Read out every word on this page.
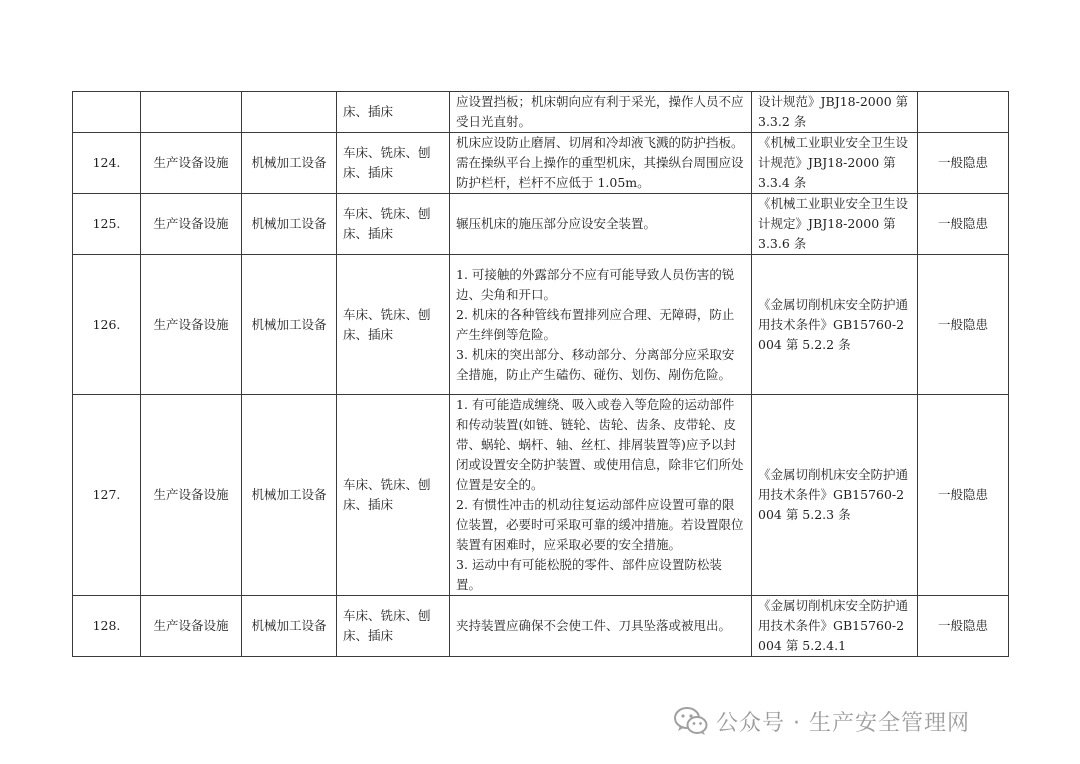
			床、插床	应设置挡板；机床朝向应有利于采光，操作人员不应受日光直射。	设计规范》JBJ18-2000 第 3.3.2 条	
124.	生产设备设施	机械加工设备	车床、铣床、刨床、插床	机床应设防止磨屑、切屑和冷却液飞溅的防护挡板。需在操纵平台上操作的重型机床，其操纵台周围应设防护栏杆，栏杆不应低于 1.05m。	《机械工业职业安全卫生设计规范》JBJ18-2000 第 3.3.4 条	一般隐患
125.	生产设备设施	机械加工设备	车床、铣床、刨床、插床	辗压机床的施压部分应设安全装置。	《机械工业职业安全卫生设计规定》JBJ18-2000 第 3.3.6 条	一般隐患
126.	生产设备设施	机械加工设备	车床、铣床、刨床、插床	1. 可接触的外露部分不应有可能导致人员伤害的锐边、尖角和开口。
2. 机床的各种管线布置排列应合理、无障碍，防止产生绊倒等危险。
3. 机床的突出部分、移动部分、分离部分应采取安全措施，防止产生磕伤、碰伤、划伤、剐伤危险。	《金属切削机床安全防护通用技术条件》GB15760-2004 第 5.2.2 条	一般隐患
127.	生产设备设施	机械加工设备	车床、铣床、刨床、插床	1. 有可能造成缠绕、吸入或卷入等危险的运动部件和传动装置(如链、链轮、齿轮、齿条、皮带轮、皮带、蜗轮、蜗杆、轴、丝杠、排屑装置等)应予以封闭或设置安全防护装置、或使用信息，除非它们所处位置是安全的。
2. 有惯性冲击的机动往复运动部件应设置可靠的限位装置，必要时可采取可靠的缓冲措施。若设置限位装置有困难时，应采取必要的安全措施。
3. 运动中有可能松脱的零件、部件应设置防松装置。	《金属切削机床安全防护通用技术条件》GB15760-2004 第 5.2.3 条	一般隐患
128.	生产设备设施	机械加工设备	车床、铣床、刨床、插床	夹持装置应确保不会使工件、刀具坠落或被甩出。	《金属切削机床安全防护通用技术条件》GB15760-2004 第 5.2.4.1	一般隐患
公众号 · 生产安全管理网
